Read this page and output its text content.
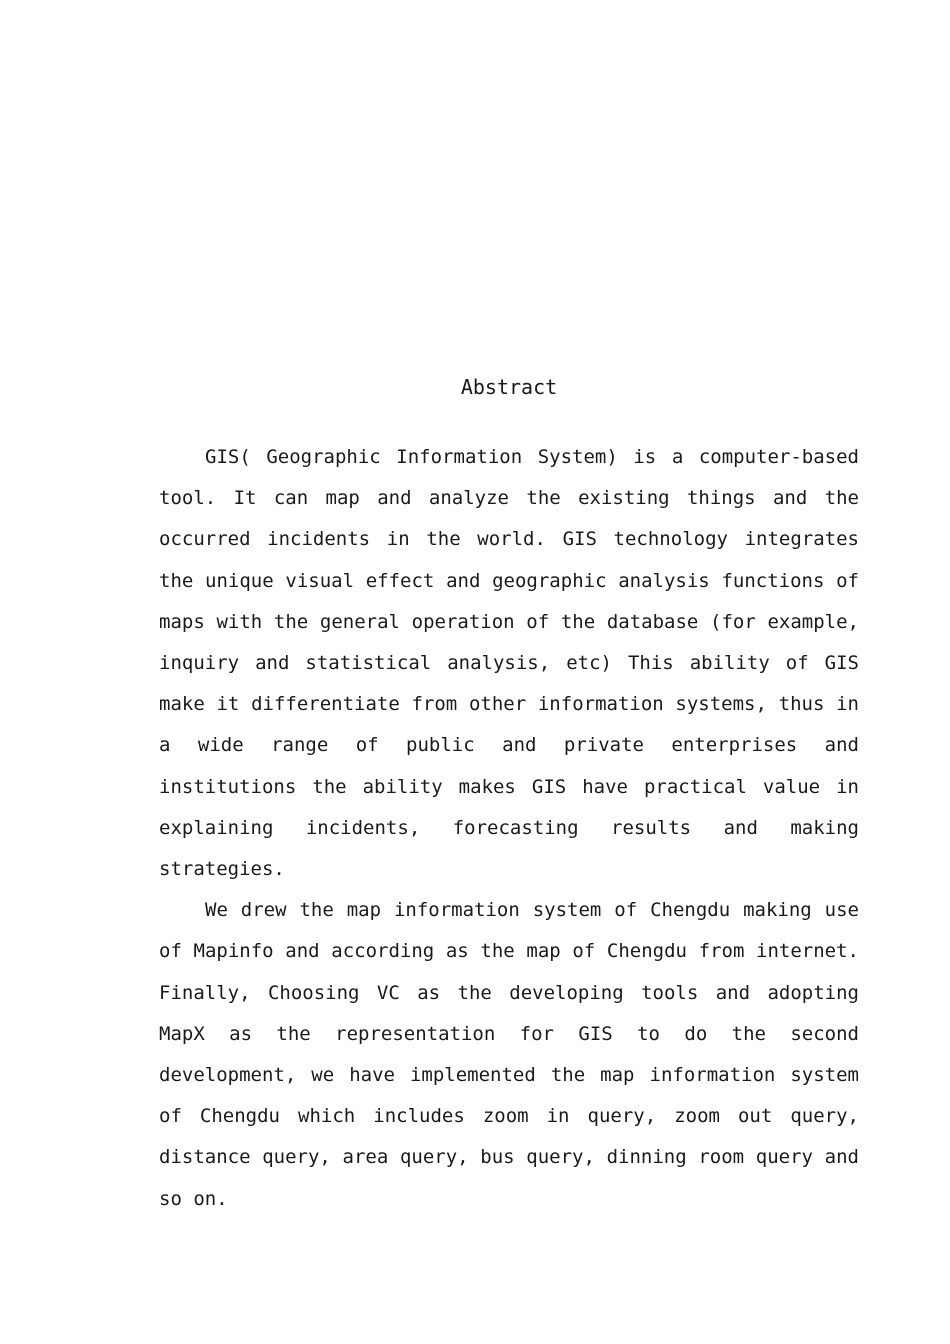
Abstract

GIS( Geographic Information System) is a computer-based tool. It can map and analyze the existing things and the occurred incidents in the world. GIS technology integrates the unique visual effect and geographic analysis functions of maps with the general operation of the database (for example, inquiry and statistical analysis, etc) This ability of GIS make it differentiate from other information systems, thus in a wide range of public and private enterprises and institutions the ability makes GIS have practical value in explaining incidents, forecasting results and making strategies.

We drew the map information system of Chengdu making use of Mapinfo and according as the map of Chengdu from internet. Finally, Choosing VC as the developing tools and adopting MapX as the representation for GIS to do the second development, we have implemented the map information system of Chengdu which includes zoom in query, zoom out query, distance query, area query, bus query, dinning room query and so on.
